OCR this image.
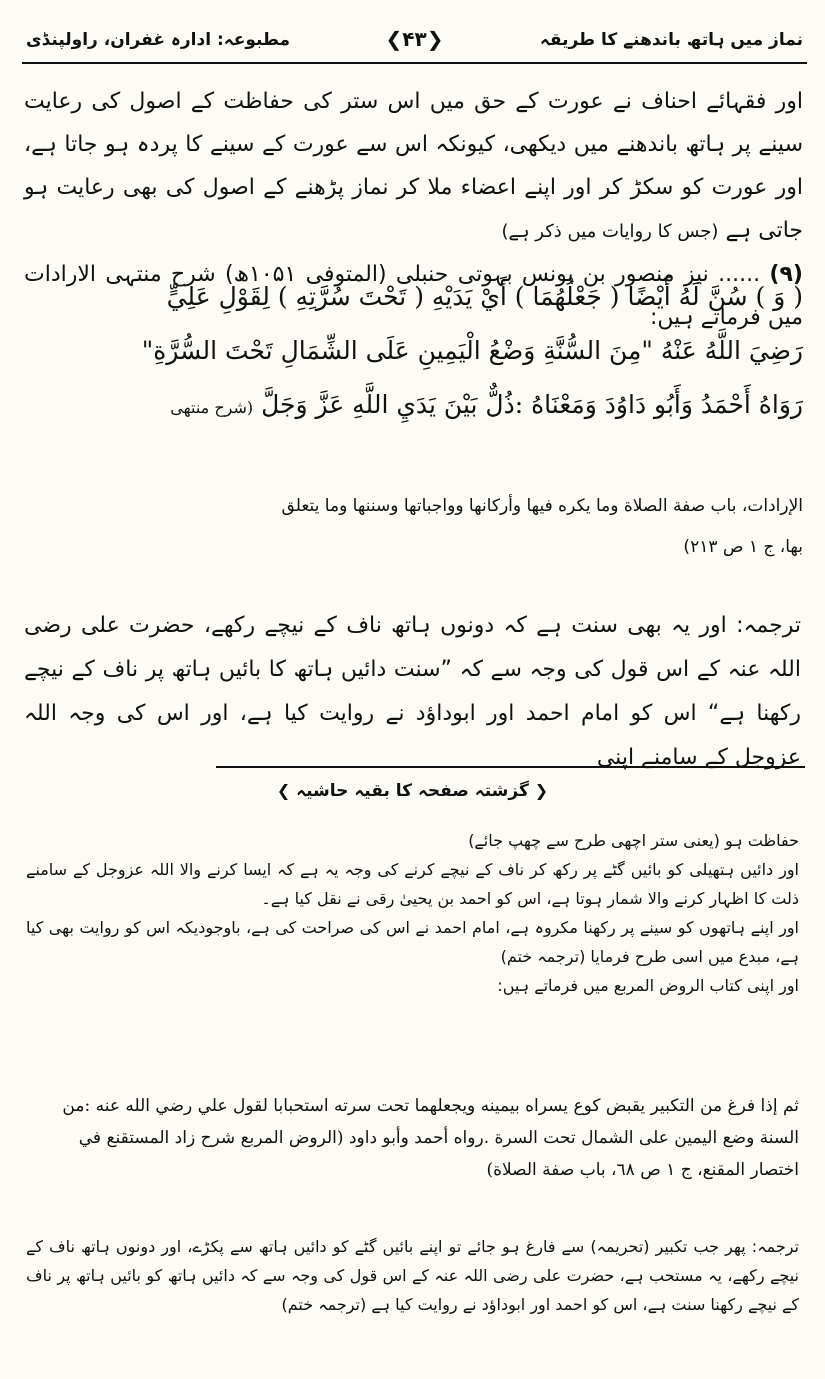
نماز میں ہاتھ باندھنے کا طریقہ
❮۴۳❯
مطبوعہ: ادارہ غفران، راولپنڈی

اور فقہائے احناف نے عورت کے حق میں اس ستر کی حفاظت کے اصول کی رعایت سینے پر ہاتھ باندھنے میں دیکھی، کیونکہ اس سے عورت کے سینے کا پردہ ہو جاتا ہے، اور عورت کو سکڑ کر اور اپنے اعضاء ملا کر نماز پڑھنے کے اصول کی بھی رعایت ہو جاتی ہے (جس کا روایات میں ذکر ہے)

(۹) ...... نیز منصور بن یونس بہوتی حنبلی (المتوفی ۱۰۵۱ھ) شرح منتہی الارادات میں فرماتے ہیں:

( وَ ) سُنَّ لَهُ أَيْضًا ( جَعْلُهُمَا ) أَيْ يَدَيْهِ ( تَحْتَ سُرَّتِهِ ) لِقَوْلِ عَلِيٍّ
رَضِيَ اللَّهُ عَنْهُ "مِنَ السُّنَّةِ وَضْعُ الْيَمِينِ عَلَى الشِّمَالِ تَحْتَ السُّرَّةِ"
رَوَاهُ أَحْمَدُ وَأَبُو دَاوُدَ وَمَعْنَاهُ :ذُلٌّ بَيْنَ يَدَيِ اللَّهِ عَزَّ وَجَلَّ (شرح منتهى
الإرادات، باب صفة الصلاة وما يكره فيها وأركانها وواجباتها وسننها وما يتعلق
بها، ج ١ ص ٢١٣)
ترجمہ: اور یہ بھی سنت ہے کہ دونوں ہاتھ ناف کے نیچے رکھے، حضرت علی رضی اللہ عنہ کے اس قول کی وجہ سے کہ ”سنت دائیں ہاتھ کا بائیں ہاتھ پر ناف کے نیچے رکھنا ہے“ اس کو امام احمد اور ابوداؤد نے روایت کیا ہے، اور اس کی وجہ اللہ عزوجل کے سامنے اپنی
❮ گزشتہ صفحہ کا بقیہ حاشیہ ❯

حفاظت ہو (یعنی ستر اچھی طرح سے چھپ جائے)

اور دائیں ہتھیلی کو بائیں گٹے پر رکھ کر ناف کے نیچے کرنے کی وجہ یہ ہے کہ ایسا کرنے والا اللہ عزوجل کے سامنے ذلت کا اظہار کرنے والا شمار ہوتا ہے، اس کو احمد بن یحییٰ رقی نے نقل کیا ہے۔

اور اپنے ہاتھوں کو سینے پر رکھنا مکروہ ہے، امام احمد نے اس کی صراحت کی ہے، باوجودیکہ اس کو روایت بھی کیا ہے، مبدع میں اسی طرح فرمایا (ترجمہ ختم)

اور اپنی کتاب الروض المربع میں فرماتے ہیں:

ثم إذا فرغ من التكبير يقبض كوع يسراه بيمينه ويجعلهما تحت سرته استحبابا لقول علي رضي الله عنه :من السنة وضع اليمين على الشمال تحت السرة .رواه أحمد وأبو داود (الروض المربع شرح زاد المستقنع في اختصار المقنع، ج ١ ص ٦٨، باب صفة الصلاة)

ترجمہ: پھر جب تکبیر (تحریمہ) سے فارغ ہو جائے تو اپنے بائیں گٹے کو دائیں ہاتھ سے پکڑے، اور دونوں ہاتھ ناف کے نیچے رکھے، یہ مستحب ہے، حضرت علی رضی اللہ عنہ کے اس قول کی وجہ سے کہ دائیں ہاتھ کو بائیں ہاتھ پر ناف کے نیچے رکھنا سنت ہے، اس کو احمد اور ابوداؤد نے روایت کیا ہے (ترجمہ ختم)
